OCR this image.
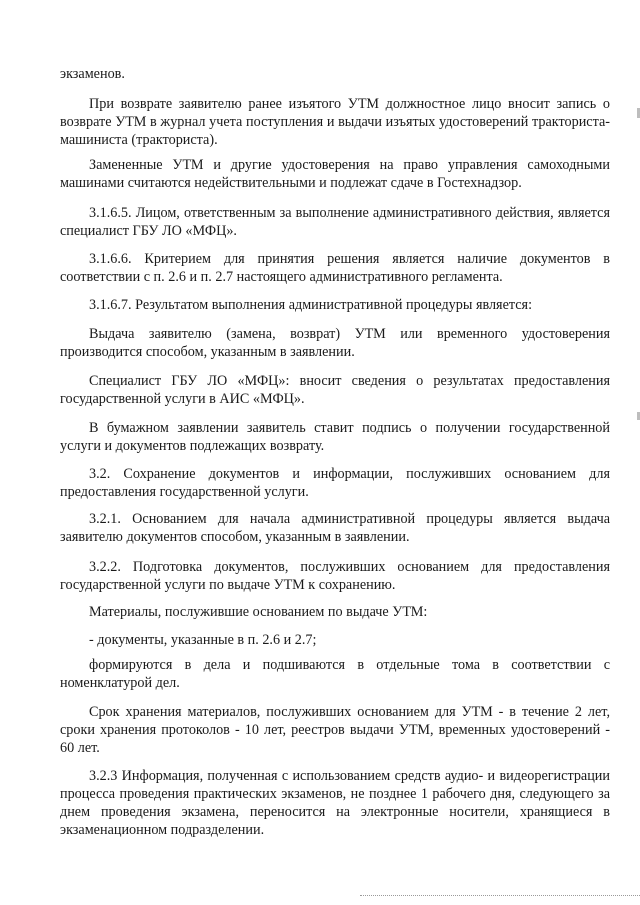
экзаменов.

При возврате заявителю ранее изъятого УТМ должностное лицо вносит запись о возврате УТМ в журнал учета поступления и выдачи изъятых удостоверений тракториста-машиниста (тракториста).

Замененные УТМ и другие удостоверения на право управления самоходными машинами считаются недействительными и подлежат сдаче в Гостехнадзор.

3.1.6.5. Лицом, ответственным за выполнение административного действия, является специалист ГБУ ЛО «МФЦ».

3.1.6.6. Критерием для принятия решения является наличие документов в соответствии с п. 2.6 и п. 2.7 настоящего административного регламента.

3.1.6.7. Результатом выполнения административной процедуры является:

Выдача заявителю (замена, возврат) УТМ или временного удостоверения производится способом, указанным в заявлении.

Специалист ГБУ ЛО «МФЦ»: вносит сведения о результатах предоставления государственной услуги в АИС «МФЦ».

В бумажном заявлении заявитель ставит подпись о получении государственной услуги и документов подлежащих возврату.

3.2. Сохранение документов и информации, послуживших основанием для предоставления государственной услуги.

3.2.1. Основанием для начала административной процедуры является выдача заявителю документов способом, указанным в заявлении.

3.2.2. Подготовка документов, послуживших основанием для предоставления государственной услуги по выдаче УТМ к сохранению.

Материалы, послужившие основанием по выдаче УТМ:

- документы, указанные в п. 2.6 и 2.7;

формируются в дела и подшиваются в отдельные тома в соответствии с номенклатурой дел.

Срок хранения материалов, послуживших основанием для УТМ - в течение 2 лет, сроки хранения протоколов - 10 лет, реестров выдачи УТМ, временных удостоверений - 60 лет.

3.2.3 Информация, полученная с использованием средств аудио- и видеорегистрации процесса проведения практических экзаменов, не позднее 1 рабочего дня, следующего за днем проведения экзамена, переносится на электронные носители, хранящиеся в экзаменационном подразделении.
